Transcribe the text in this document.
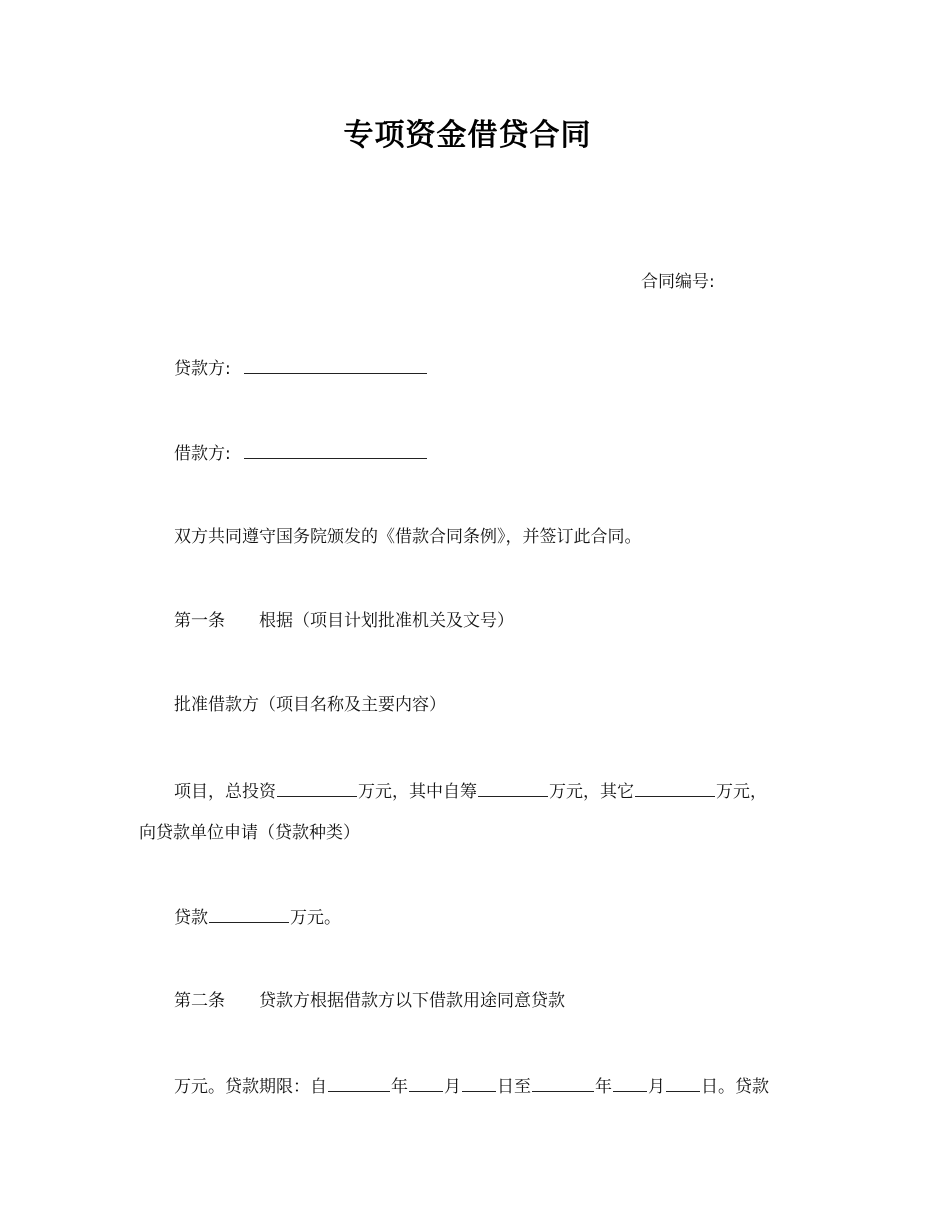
专项资金借贷合同
合同编号:
贷款方:
借款方:
双方共同遵守国务院颁发的《借款合同条例》，并签订此合同。
第一条 根据（项目计划批准机关及文号）
批准借款方（项目名称及主要内容）
项目，总投资	万元，其中自筹	万元，其它	万元，
向贷款单位申请（贷款种类）
贷款	万元。
第二条 贷款方根据借款方以下借款用途同意贷款
万元。贷款期限：自	年 月 日至	年 月 日。贷款
